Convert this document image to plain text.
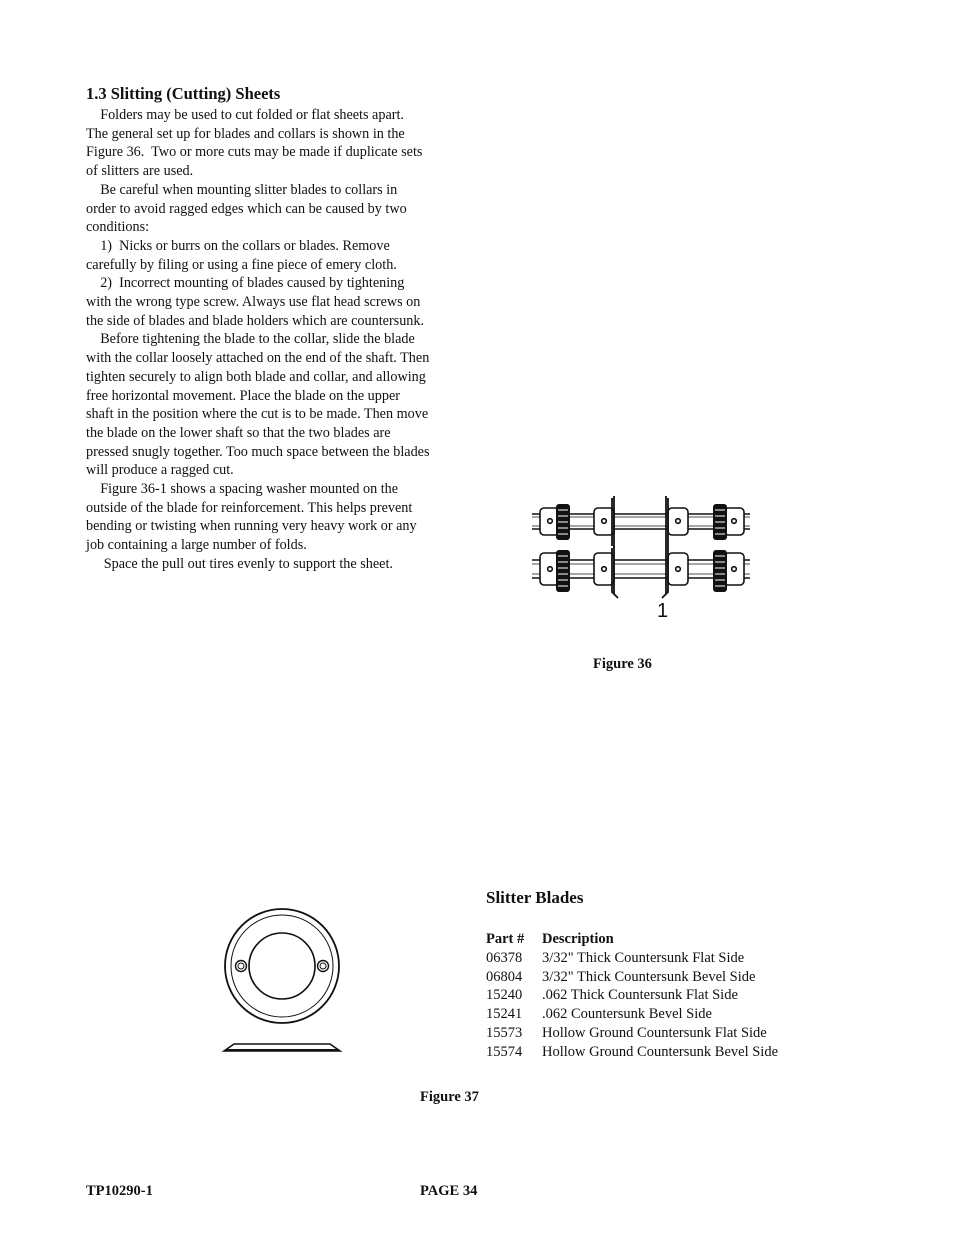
1.3 Slitting (Cutting) Sheets

Folders may be used to cut folded or flat sheets apart.

The general set up for blades and collars is shown in the

Figure 36.  Two or more cuts may be made if duplicate sets

of slitters are used.

Be careful when mounting slitter blades to collars in

order to avoid ragged edges which can be caused by two

conditions:

1)  Nicks or burrs on the collars or blades. Remove

carefully by filing or using a fine piece of emery cloth.

2)  Incorrect mounting of blades caused by tightening

with the wrong type screw. Always use flat head screws on

the side of blades and blade holders which are countersunk.

Before tightening the blade to the collar, slide the blade

with the collar loosely attached on the end of the shaft. Then

tighten securely to align both blade and collar, and allowing

free horizontal movement. Place the blade on the upper

shaft in the position where the cut is to be made. Then move

the blade on the lower shaft so that the two blades are

pressed snugly together. Too much space between the blades

will produce a ragged cut.

Figure 36-1 shows a spacing washer mounted on the

outside of the blade for reinforcement. This helps prevent

bending or twisting when running very heavy work or any

job containing a large number of folds.

Space the pull out tires evenly to support the sheet.

1
Figure 36
Slitter Blades
Part #	Description
06378	3/32" Thick Countersunk Flat Side
06804	3/32" Thick Countersunk Bevel Side
15240	.062 Thick Countersunk Flat Side
15241	.062 Countersunk Bevel Side
15573	Hollow Ground Countersunk Flat Side
15574	Hollow Ground Countersunk Bevel Side
Figure 37
TP10290-1	PAGE 34
